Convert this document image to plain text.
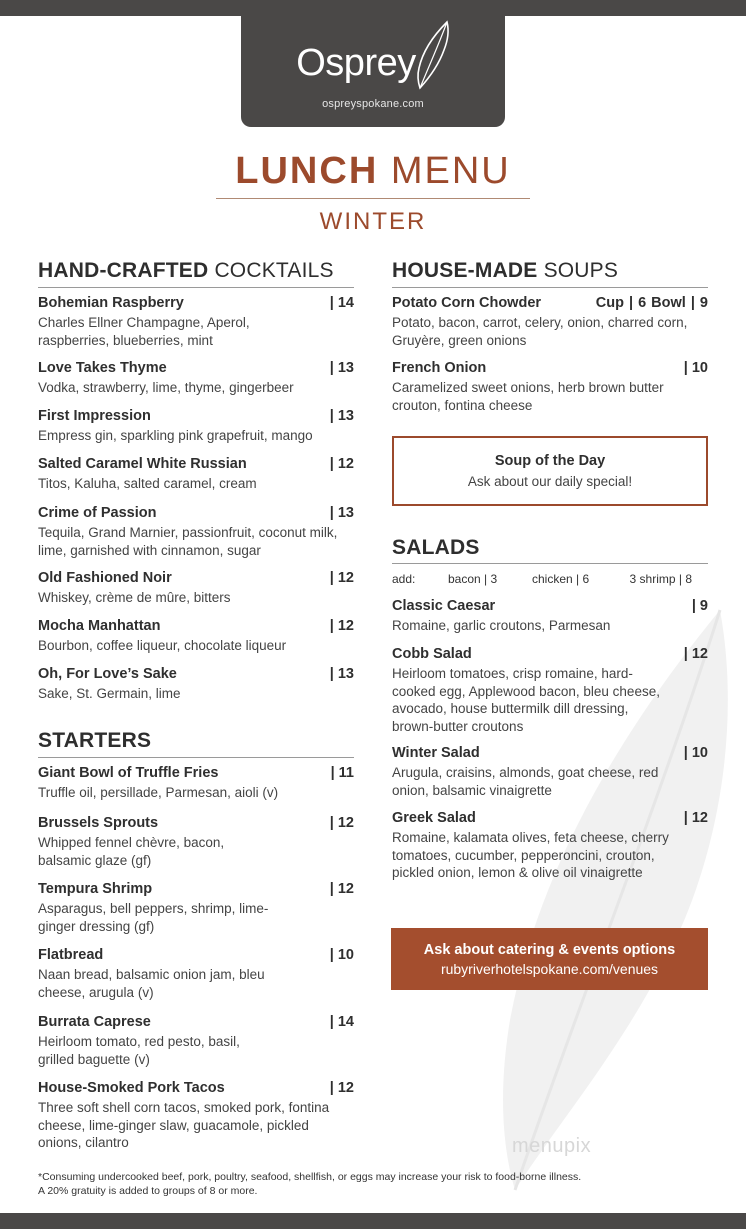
Osprey
ospreyspokane.com
LUNCH MENU
WINTER
HAND-CRAFTED COCKTAILS
Bohemian Raspberry	| 14
Charles Ellner Champagne, Aperol, raspberries, blueberries, mint
Love Takes Thyme	| 13
Vodka, strawberry, lime, thyme, gingerbeer
First Impression	| 13
Empress gin, sparkling pink grapefruit, mango
Salted Caramel White Russian	| 12
Titos, Kaluha, salted caramel, cream
Crime of Passion	| 13
Tequila, Grand Marnier, passionfruit, coconut milk, lime, garnished with cinnamon, sugar
Old Fashioned Noir	| 12
Whiskey, crème de mûre, bitters
Mocha Manhattan	| 12
Bourbon, coffee liqueur, chocolate liqueur
Oh, For Love’s Sake	| 13
Sake, St. Germain, lime
STARTERS
Giant Bowl of Truffle Fries	| 11
Truffle oil, persillade, Parmesan, aioli (v)
Brussels Sprouts	| 12
Whipped fennel chèvre, bacon, balsamic glaze (gf)
Tempura Shrimp	| 12
Asparagus, bell peppers, shrimp, lime-ginger dressing (gf)
Flatbread	| 10
Naan bread, balsamic onion jam, bleu cheese, arugula (v)
Burrata Caprese	| 14
Heirloom tomato, red pesto, basil, grilled baguette (v)
House-Smoked Pork Tacos	| 12
Three soft shell corn tacos, smoked pork, fontina cheese, lime-ginger slaw, guacamole, pickled onions, cilantro
HOUSE-MADE SOUPS
Potato Corn Chowder	Cup | 6 Bowl | 9
Potato, bacon, carrot, celery, onion, charred corn, Gruyère, green onions
French Onion	| 10
Caramelized sweet onions, herb brown butter crouton, fontina cheese
Soup of the Day
Ask about our daily special!
SALADS
add:	bacon | 3	chicken | 6	3 shrimp | 8
Classic Caesar	| 9
Romaine, garlic croutons, Parmesan
Cobb Salad	| 12
Heirloom tomatoes, crisp romaine, hard-cooked egg, Applewood bacon, bleu cheese, avocado, house buttermilk dill dressing, brown-butter croutons
Winter Salad	| 10
Arugula, craisins, almonds, goat cheese, red onion, balsamic vinaigrette
Greek Salad	| 12
Romaine, kalamata olives, feta cheese, cherry tomatoes, cucumber, pepperoncini, crouton, pickled onion, lemon & olive oil vinaigrette
Ask about catering & events options
rubyriverhotelspokane.com/venues
menupix
*Consuming undercooked beef, pork, poultry, seafood, shellfish, or eggs may increase your risk to food-borne illness.
A 20% gratuity is added to groups of 8 or more.
